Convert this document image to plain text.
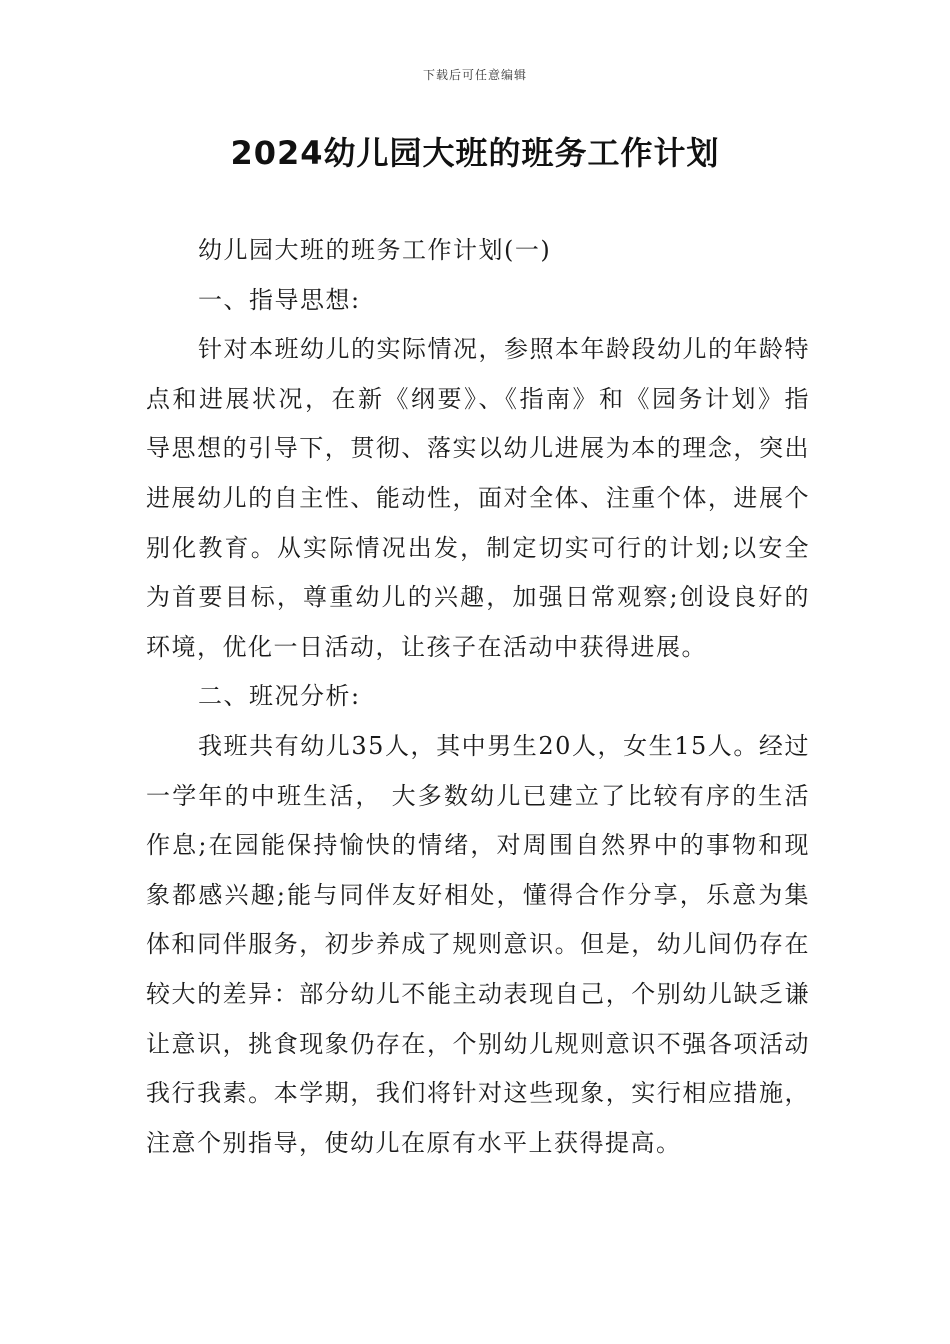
下载后可任意编辑
2024幼儿园大班的班务工作计划

幼儿园大班的班务工作计划(一)

一、指导思想:

针对本班幼儿的实际情况，参照本年龄段幼儿的年龄特点和进展状况，在新《纲要》、《指南》和《园务计划》指导思想的引导下，贯彻、落实以幼儿进展为本的理念，突出进展幼儿的自主性、能动性，面对全体、注重个体，进展个别化教育。从实际情况出发，制定切实可行的计划;以安全为首要目标，尊重幼儿的兴趣，加强日常观察;创设良好的环境，优化一日活动，让孩子在活动中获得进展。

二、班况分析:

我班共有幼儿35人，其中男生20人，女生15人。经过一学年的中班生活， 大多数幼儿已建立了比较有序的生活作息;在园能保持愉快的情绪，对周围自然界中的事物和现象都感兴趣;能与同伴友好相处，懂得合作分享，乐意为集体和同伴服务，初步养成了规则意识。但是，幼儿间仍存在较大的差异：部分幼儿不能主动表现自己，个别幼儿缺乏谦让意识，挑食现象仍存在，个别幼儿规则意识不强各项活动我行我素。本学期，我们将针对这些现象，实行相应措施，注意个别指导，使幼儿在原有水平上获得提高。
